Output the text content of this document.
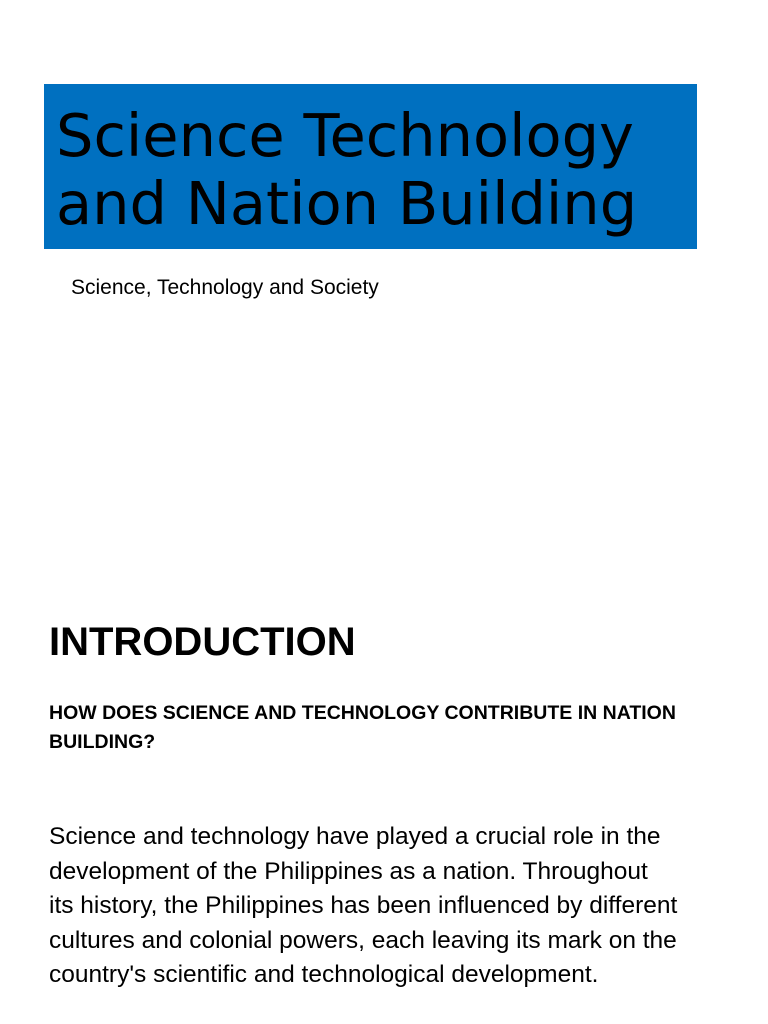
Science Technology
and Nation Building
Science, Technology and Society
INTRODUCTION
HOW DOES SCIENCE AND TECHNOLOGY CONTRIBUTE IN NATION
BUILDING?
Science and technology have played a crucial role in the
development of the Philippines as a nation. Throughout
its history, the Philippines has been influenced by different
cultures and colonial powers, each leaving its mark on the
country's scientific and technological development.
